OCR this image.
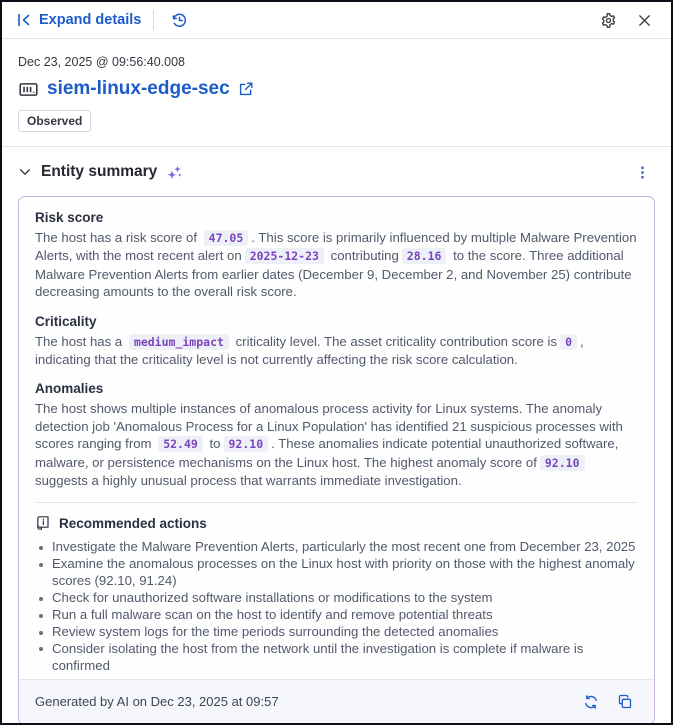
Expand details
Dec 23, 2025 @ 09:56:40.008
siem-linux-edge-sec
Observed
Entity summary
Risk score
The host has a risk score of 47.05 . This score is primarily influenced by multiple Malware Prevention Alerts, with the most recent alert on 2025-12-23 contributing 28.16 to the score. Three additional Malware Prevention Alerts from earlier dates (December 9, December 2, and November 25) contribute decreasing amounts to the overall risk score.
Criticality
The host has a medium_impact criticality level. The asset criticality contribution score is 0 , indicating that the criticality level is not currently affecting the risk score calculation.
Anomalies
The host shows multiple instances of anomalous process activity for Linux systems. The anomaly detection job 'Anomalous Process for a Linux Population' has identified 21 suspicious processes with scores ranging from 52.49 to 92.10 . These anomalies indicate potential unauthorized software, malware, or persistence mechanisms on the Linux host. The highest anomaly score of 92.10 suggests a highly unusual process that warrants immediate investigation.
Recommended actions
Investigate the Malware Prevention Alerts, particularly the most recent one from December 23, 2025
Examine the anomalous processes on the Linux host with priority on those with the highest anomaly scores (92.10, 91.24)
Check for unauthorized software installations or modifications to the system
Run a full malware scan on the host to identify and remove potential threats
Review system logs for the time periods surrounding the detected anomalies
Consider isolating the host from the network until the investigation is complete if malware is confirmed
Generated by AI on Dec 23, 2025 at 09:57
